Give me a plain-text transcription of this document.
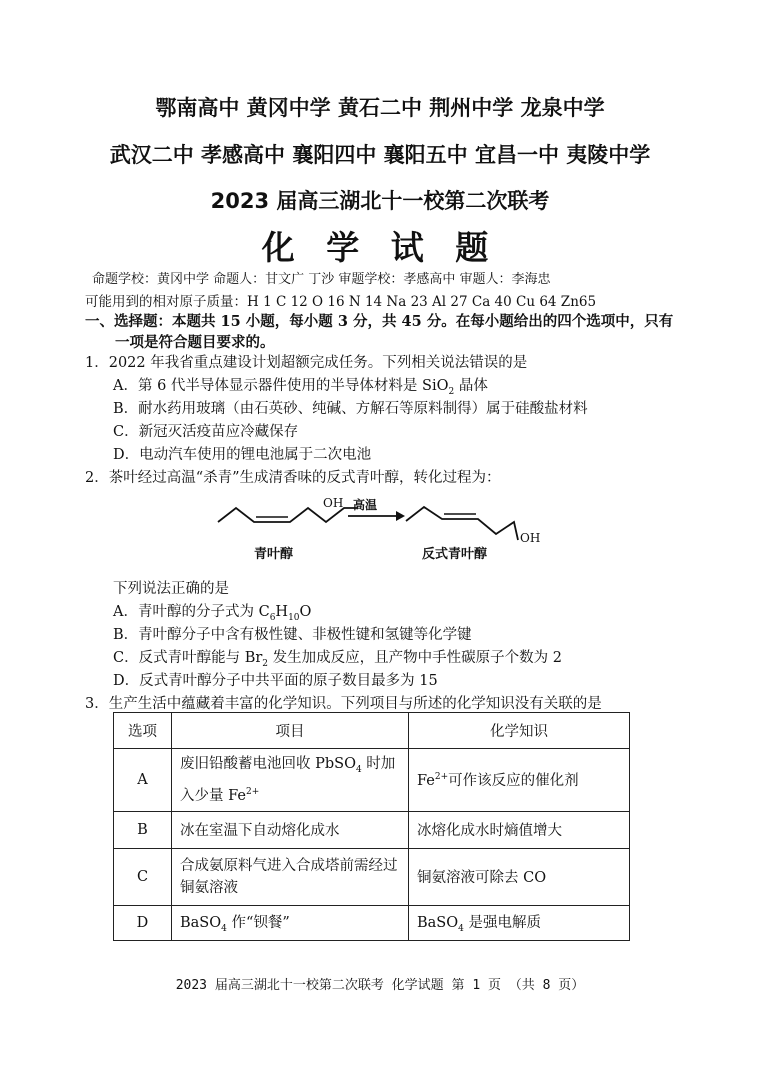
鄂南高中 黄冈中学 黄石二中 荆州中学 龙泉中学
武汉二中 孝感高中 襄阳四中 襄阳五中 宜昌一中 夷陵中学
2023 届高三湖北十一校第二次联考
化 学 试 题
命题学校：黄冈中学 命题人：甘文广 丁沙 审题学校：孝感高中 审题人：李海忠
可能用到的相对原子质量：H 1 C 12 O 16 N 14 Na 23 Al 27 Ca 40 Cu 64 Zn65
一、选择题：本题共 15 小题，每小题 3 分，共 45 分。在每小题给出的四个选项中，只有
一项是符合题目要求的。
1．2022 年我省重点建设计划超额完成任务。下列相关说法错误的是
A．第 6 代半导体显示器件使用的半导体材料是 SiO$_2$ 晶体
B．耐水药用玻璃（由石英砂、纯碱、方解石等原料制得）属于硅酸盐材料
C．新冠灭活疫苗应冷藏保存
D．电动汽车使用的锂电池属于二次电池
2．茶叶经过高温“杀青”生成清香味的反式青叶醇，转化过程为：
OH 高温
OH
青叶醇	反式青叶醇
下列说法正确的是
A．青叶醇的分子式为 $C_6H_{10}O$
B．青叶醇分子中含有极性键、非极性键和氢键等化学键
C．反式青叶醇能与 $Br_2$ 发生加成反应，且产物中手性碳原子个数为 2
D．反式青叶醇分子中共平面的原子数目最多为 15
3．生产生活中蕴藏着丰富的化学知识。下列项目与所述的化学知识没有关联的是
选项	项目	化学知识
A	废旧铅酸蓄电池回收 PbSO$_4$ 时加入少量 $Fe^{2+}$	$Fe^{2+}$可作该反应的催化剂
B	冰在室温下自动熔化成水	冰熔化成水时熵值增大
C	合成氨原料气进入合成塔前需经过铜氨溶液	铜氨溶液可除去 CO
D	BaSO$_4$ 作“钡餐”	BaSO$_4$ 是强电解质
2023 届高三湖北十一校第二次联考 化学试题 第 1 页 （共 8 页）
